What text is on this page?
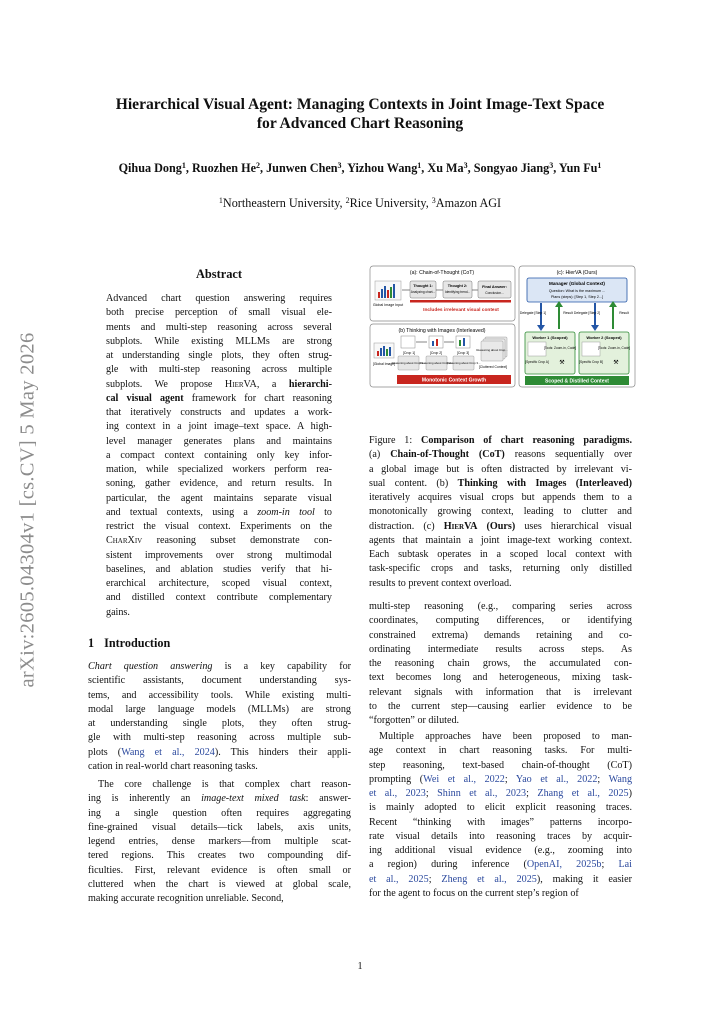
arXiv:2605.04304v1 [cs.CV] 5 May 2026
Hierarchical Visual Agent: Managing Contexts in Joint Image-Text Space
for Advanced Chart Reasoning
Qihua Dong$^1$, Ruozhen He$^2$, Junwen Chen$^3$, Yizhou Wang$^1$, Xu Ma$^3$, Songyao Jiang$^3$, Yun Fu$^1$
$^1$Northeastern University, $^2$Rice University, $^3$Amazon AGI
Abstract
Advanced chart question answering requires
both precise perception of small visual ele-
ments and multi-step reasoning across several
subplots. While existing MLLMs are strong
at understanding single plots, they often strug-
gle with multi-step reasoning across multiple
subplots. We propose HierVA, a hierarchi-
cal visual agent framework for chart reasoning
that iteratively constructs and updates a work-
ing context in a joint image–text space. A high-
level manager generates plans and maintains
a compact context containing only key infor-
mation, while specialized workers perform rea-
soning, gather evidence, and return results. In
particular, the agent maintains separate visual
and textual contexts, using a zoom-in tool to
restrict the visual context. Experiments on the
CharXiv reasoning subset demonstrate con-
sistent improvements over strong multimodal
baselines, and ablation studies verify that hi-
erarchical architecture, scoped visual context,
and distilled context contribute complementary
gains.
1 Introduction
Chart question answering is a key capability for
scientific assistants, document understanding sys-
tems, and accessibility tools. While existing multi-
modal large language models (MLLMs) are strong
at understanding single plots, they often strug-
gle with multi-step reasoning across multiple sub-
plots (Wang et al., 2024). This hinders their appli-
cation in real-world chart reasoning tasks.
The core challenge is that complex chart reason-
ing is inherently an image-text mixed task: answer-
ing a single question often requires aggregating
fine-grained visual details—tick labels, axis units,
legend entries, dense markers—from multiple scat-
tered regions. This creates two compounding dif-
ficulties. First, relevant evidence is often small or
cluttered when the chart is viewed at global scale,
making accurate recognition unreliable. Second,
multi-step reasoning (e.g., comparing series across
coordinates, computing differences, or identifying
constrained extrema) demands retaining and co-
ordinating intermediate results across steps. As
the reasoning chain grows, the accumulated con-
text becomes long and heterogeneous, mixing task-
relevant signals with information that is irrelevant
to the current step—causing earlier evidence to be
“forgotten” or diluted.
Multiple approaches have been proposed to man-
age context in chart reasoning tasks. For multi-
step reasoning, text-based chain-of-thought (CoT)
prompting (Wei et al., 2022; Yao et al., 2022; Wang
et al., 2023; Shinn et al., 2023; Zhang et al., 2025)
is mainly adopted to elicit explicit reasoning traces.
Recent “thinking with images” patterns incorpo-
rate visual details into reasoning traces by acquir-
ing additional visual evidence (e.g., zooming into
a region) during inference (OpenAI, 2025b; Lai
et al., 2025; Zheng et al., 2025), making it easier
for the agent to focus on the current step’s region of
(a): Chain-of-Thought (CoT)
Global Image Input
Thought 1:
Analyzing chart...
Thought 2:
Identifying trend...
Final Answer:
Conclusion...
Includes irrelevant visual context
(b) Thinking with Images (Interleaved)
[Global Image]
[Crop 1]
Reasoning about Crop 1...
[Crop 2]
Reasoning about Crop 2...
[Crop 3]
Reasoning about Crop 3...
Reasoning about Crop...
[Cluttered Context]
Monotonic Context Growth
(c): HierVA (Ours)
Manager (Global Context)
Question: What is the maximum ...
Plans (steps): [Step 1, Step 2...]
Delegate [Step 1]	Result Delegate [Step 2]	Result
Worker 1 (Scoped)
[Tools: Zoom-in, Code]
[Specific Crop A] ⚒
Worker 2 (Scoped)
[Tools: Zoom-in, Code]
[Specific Crop B] ⚒
Scoped & Distilled Context
Figure 1: Comparison of chart reasoning paradigms.
(a) Chain-of-Thought (CoT) reasons sequentially over
a global image but is often distracted by irrelevant vi-
sual content. (b) Thinking with Images (Interleaved)
iteratively acquires visual crops but appends them to a
monotonically growing context, leading to clutter and
distraction. (c) HierVA (Ours) uses hierarchical visual
agents that maintain a joint image-text working context.
Each subtask operates in a scoped local context with
task-specific crops and tasks, returning only distilled
results to prevent context overload.
1
